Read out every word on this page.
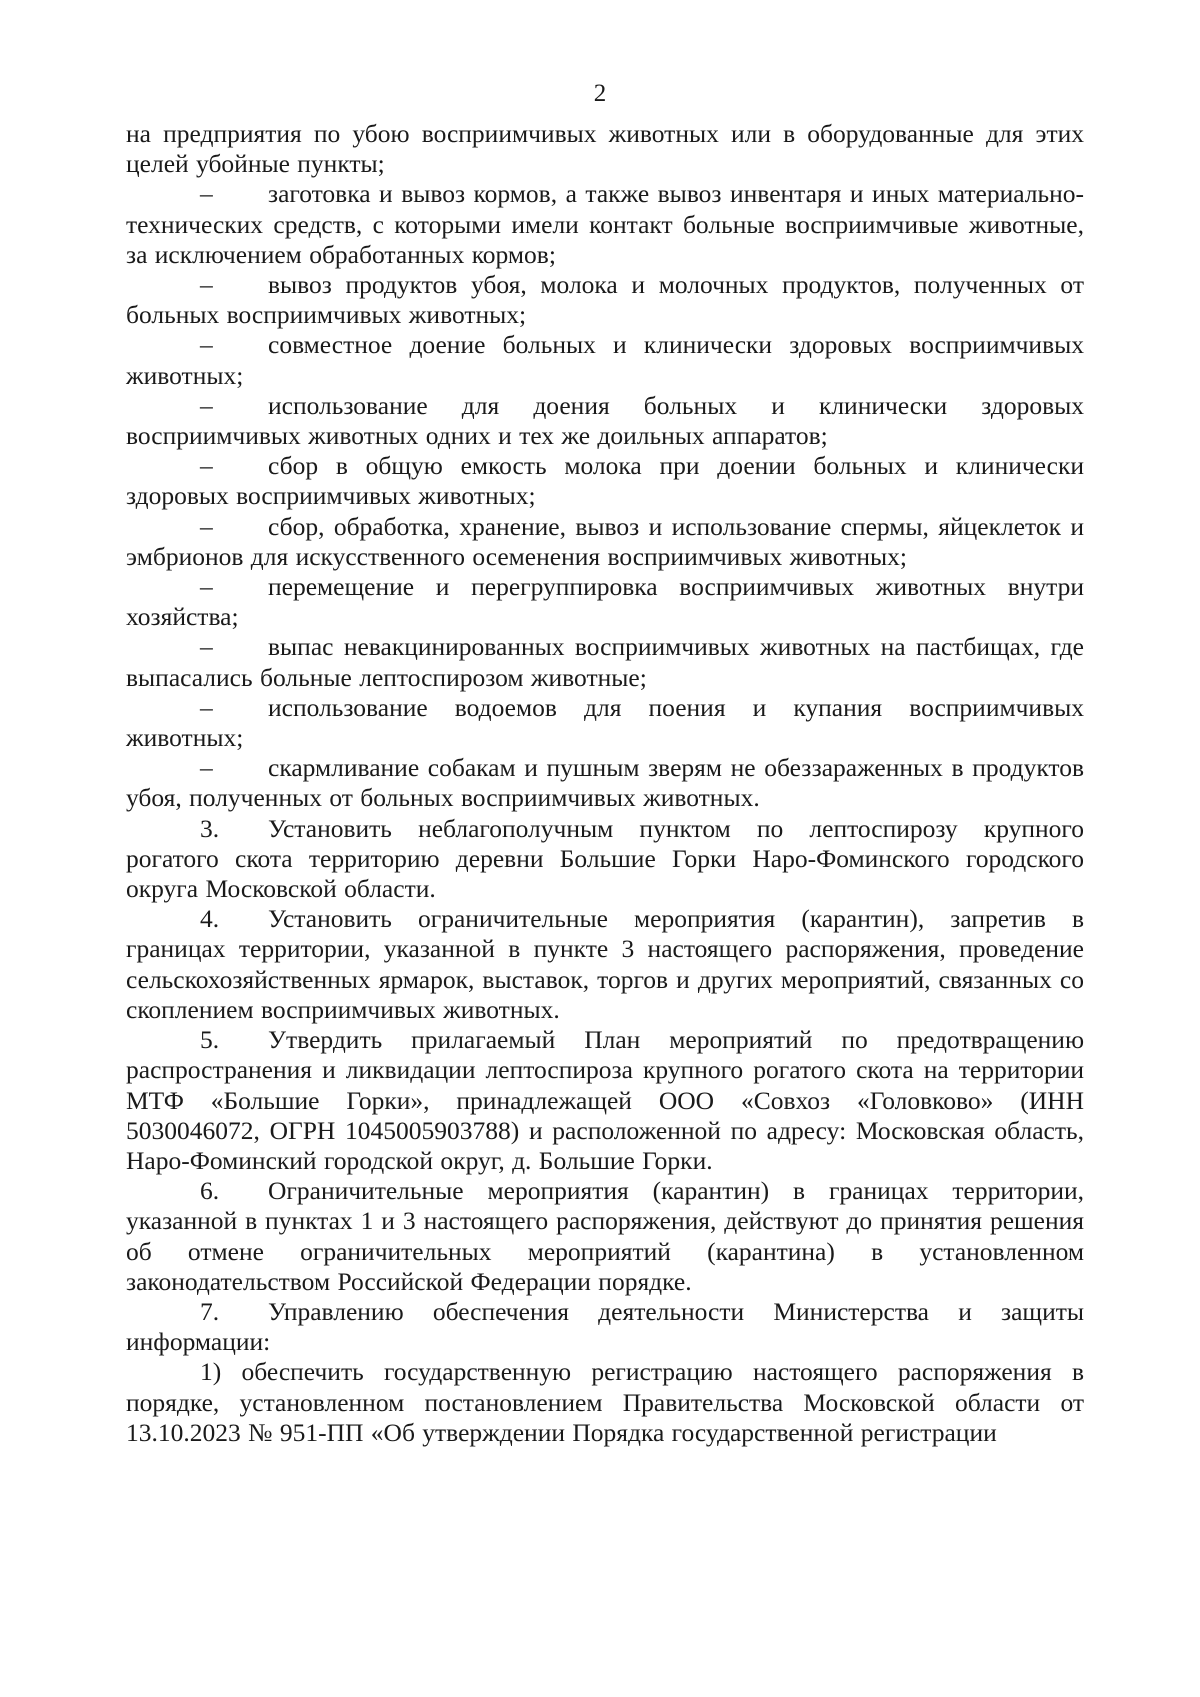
2

на предприятия по убою восприимчивых животных или в оборудованные для этих целей убойные пункты;

– заготовка и вывоз кормов, а также вывоз инвентаря и иных материально-технических средств, с которыми имели контакт больные восприимчивые животные, за исключением обработанных кормов;

– вывоз продуктов убоя, молока и молочных продуктов, полученных от больных восприимчивых животных;

– совместное доение больных и клинически здоровых восприимчивых животных;

– использование для доения больных и клинически здоровых восприимчивых животных одних и тех же доильных аппаратов;

– сбор в общую емкость молока при доении больных и клинически здоровых восприимчивых животных;

– сбор, обработка, хранение, вывоз и использование спермы, яйцеклеток и эмбрионов для искусственного осеменения восприимчивых животных;

– перемещение и перегруппировка восприимчивых животных внутри хозяйства;

– выпас невакцинированных восприимчивых животных на пастбищах, где выпасались больные лептоспирозом животные;

– использование водоемов для поения и купания восприимчивых животных;

– скармливание собакам и пушным зверям не обеззараженных в продуктов убоя, полученных от больных восприимчивых животных.

3. Установить неблагополучным пунктом по лептоспирозу крупного рогатого скота территорию деревни Большие Горки Наро-Фоминского городского округа Московской области.

4. Установить ограничительные мероприятия (карантин), запретив в границах территории, указанной в пункте 3 настоящего распоряжения, проведение сельскохозяйственных ярмарок, выставок, торгов и других мероприятий, связанных со скоплением восприимчивых животных.

5. Утвердить прилагаемый План мероприятий по предотвращению распространения и ликвидации лептоспироза крупного рогатого скота на территории МТФ «Большие Горки», принадлежащей ООО «Совхоз «Головково» (ИНН 5030046072, ОГРН 1045005903788) и расположенной по адресу: Московская область, Наро-Фоминский городской округ, д. Большие Горки.

6. Ограничительные мероприятия (карантин) в границах территории, указанной в пунктах 1 и 3 настоящего распоряжения, действуют до принятия решения об отмене ограничительных мероприятий (карантина) в установленном законодательством Российской Федерации порядке.

7. Управлению обеспечения деятельности Министерства и защиты информации:

1) обеспечить государственную регистрацию настоящего распоряжения в порядке, установленном постановлением Правительства Московской области от 13.10.2023 № 951-ПП «Об утверждении Порядка государственной регистрации
